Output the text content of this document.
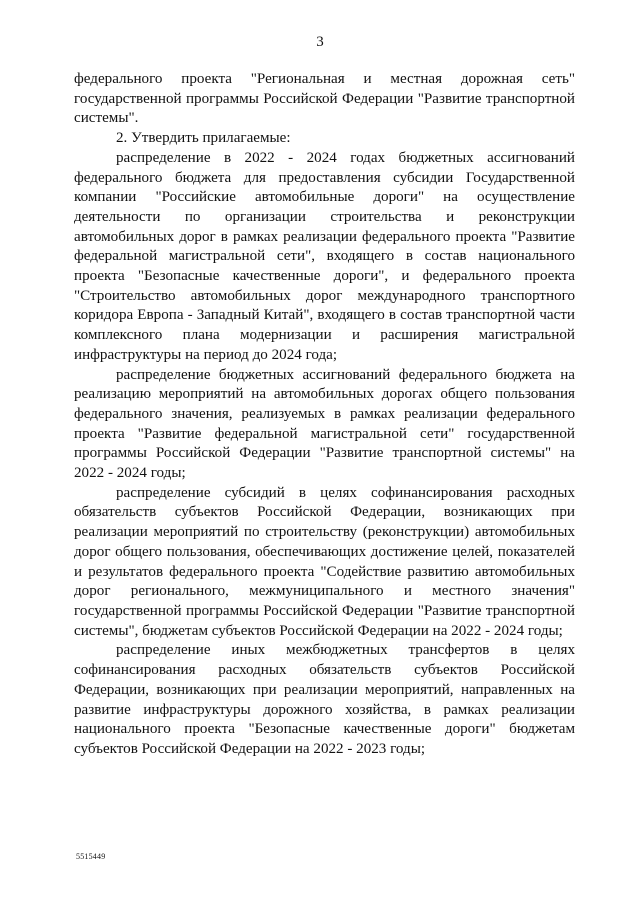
3

федерального проекта "Региональная и местная дорожная сеть" государственной программы Российской Федерации "Развитие транспортной системы".

2. Утвердить прилагаемые:

распределение в 2022 - 2024 годах бюджетных ассигнований федерального бюджета для предоставления субсидии Государственной компании "Российские автомобильные дороги" на осуществление деятельности по организации строительства и реконструкции автомобильных дорог в рамках реализации федерального проекта "Развитие федеральной магистральной сети", входящего в состав национального проекта "Безопасные качественные дороги", и федерального проекта "Строительство автомобильных дорог международного транспортного коридора Европа - Западный Китай", входящего в состав транспортной части комплексного плана модернизации и расширения магистральной инфраструктуры на период до 2024 года;

распределение бюджетных ассигнований федерального бюджета на реализацию мероприятий на автомобильных дорогах общего пользования федерального значения, реализуемых в рамках реализации федерального проекта "Развитие федеральной магистральной сети" государственной программы Российской Федерации "Развитие транспортной системы" на 2022 - 2024 годы;

распределение субсидий в целях софинансирования расходных обязательств субъектов Российской Федерации, возникающих при реализации мероприятий по строительству (реконструкции) автомобильных дорог общего пользования, обеспечивающих достижение целей, показателей и результатов федерального проекта "Содействие развитию автомобильных дорог регионального, межмуниципального и местного значения" государственной программы Российской Федерации "Развитие транспортной системы", бюджетам субъектов Российской Федерации на 2022 - 2024 годы;

распределение иных межбюджетных трансфертов в целях софинансирования расходных обязательств субъектов Российской Федерации, возникающих при реализации мероприятий, направленных на развитие инфраструктуры дорожного хозяйства, в рамках реализации национального проекта "Безопасные качественные дороги" бюджетам субъектов Российской Федерации на 2022 - 2023 годы;

5515449
